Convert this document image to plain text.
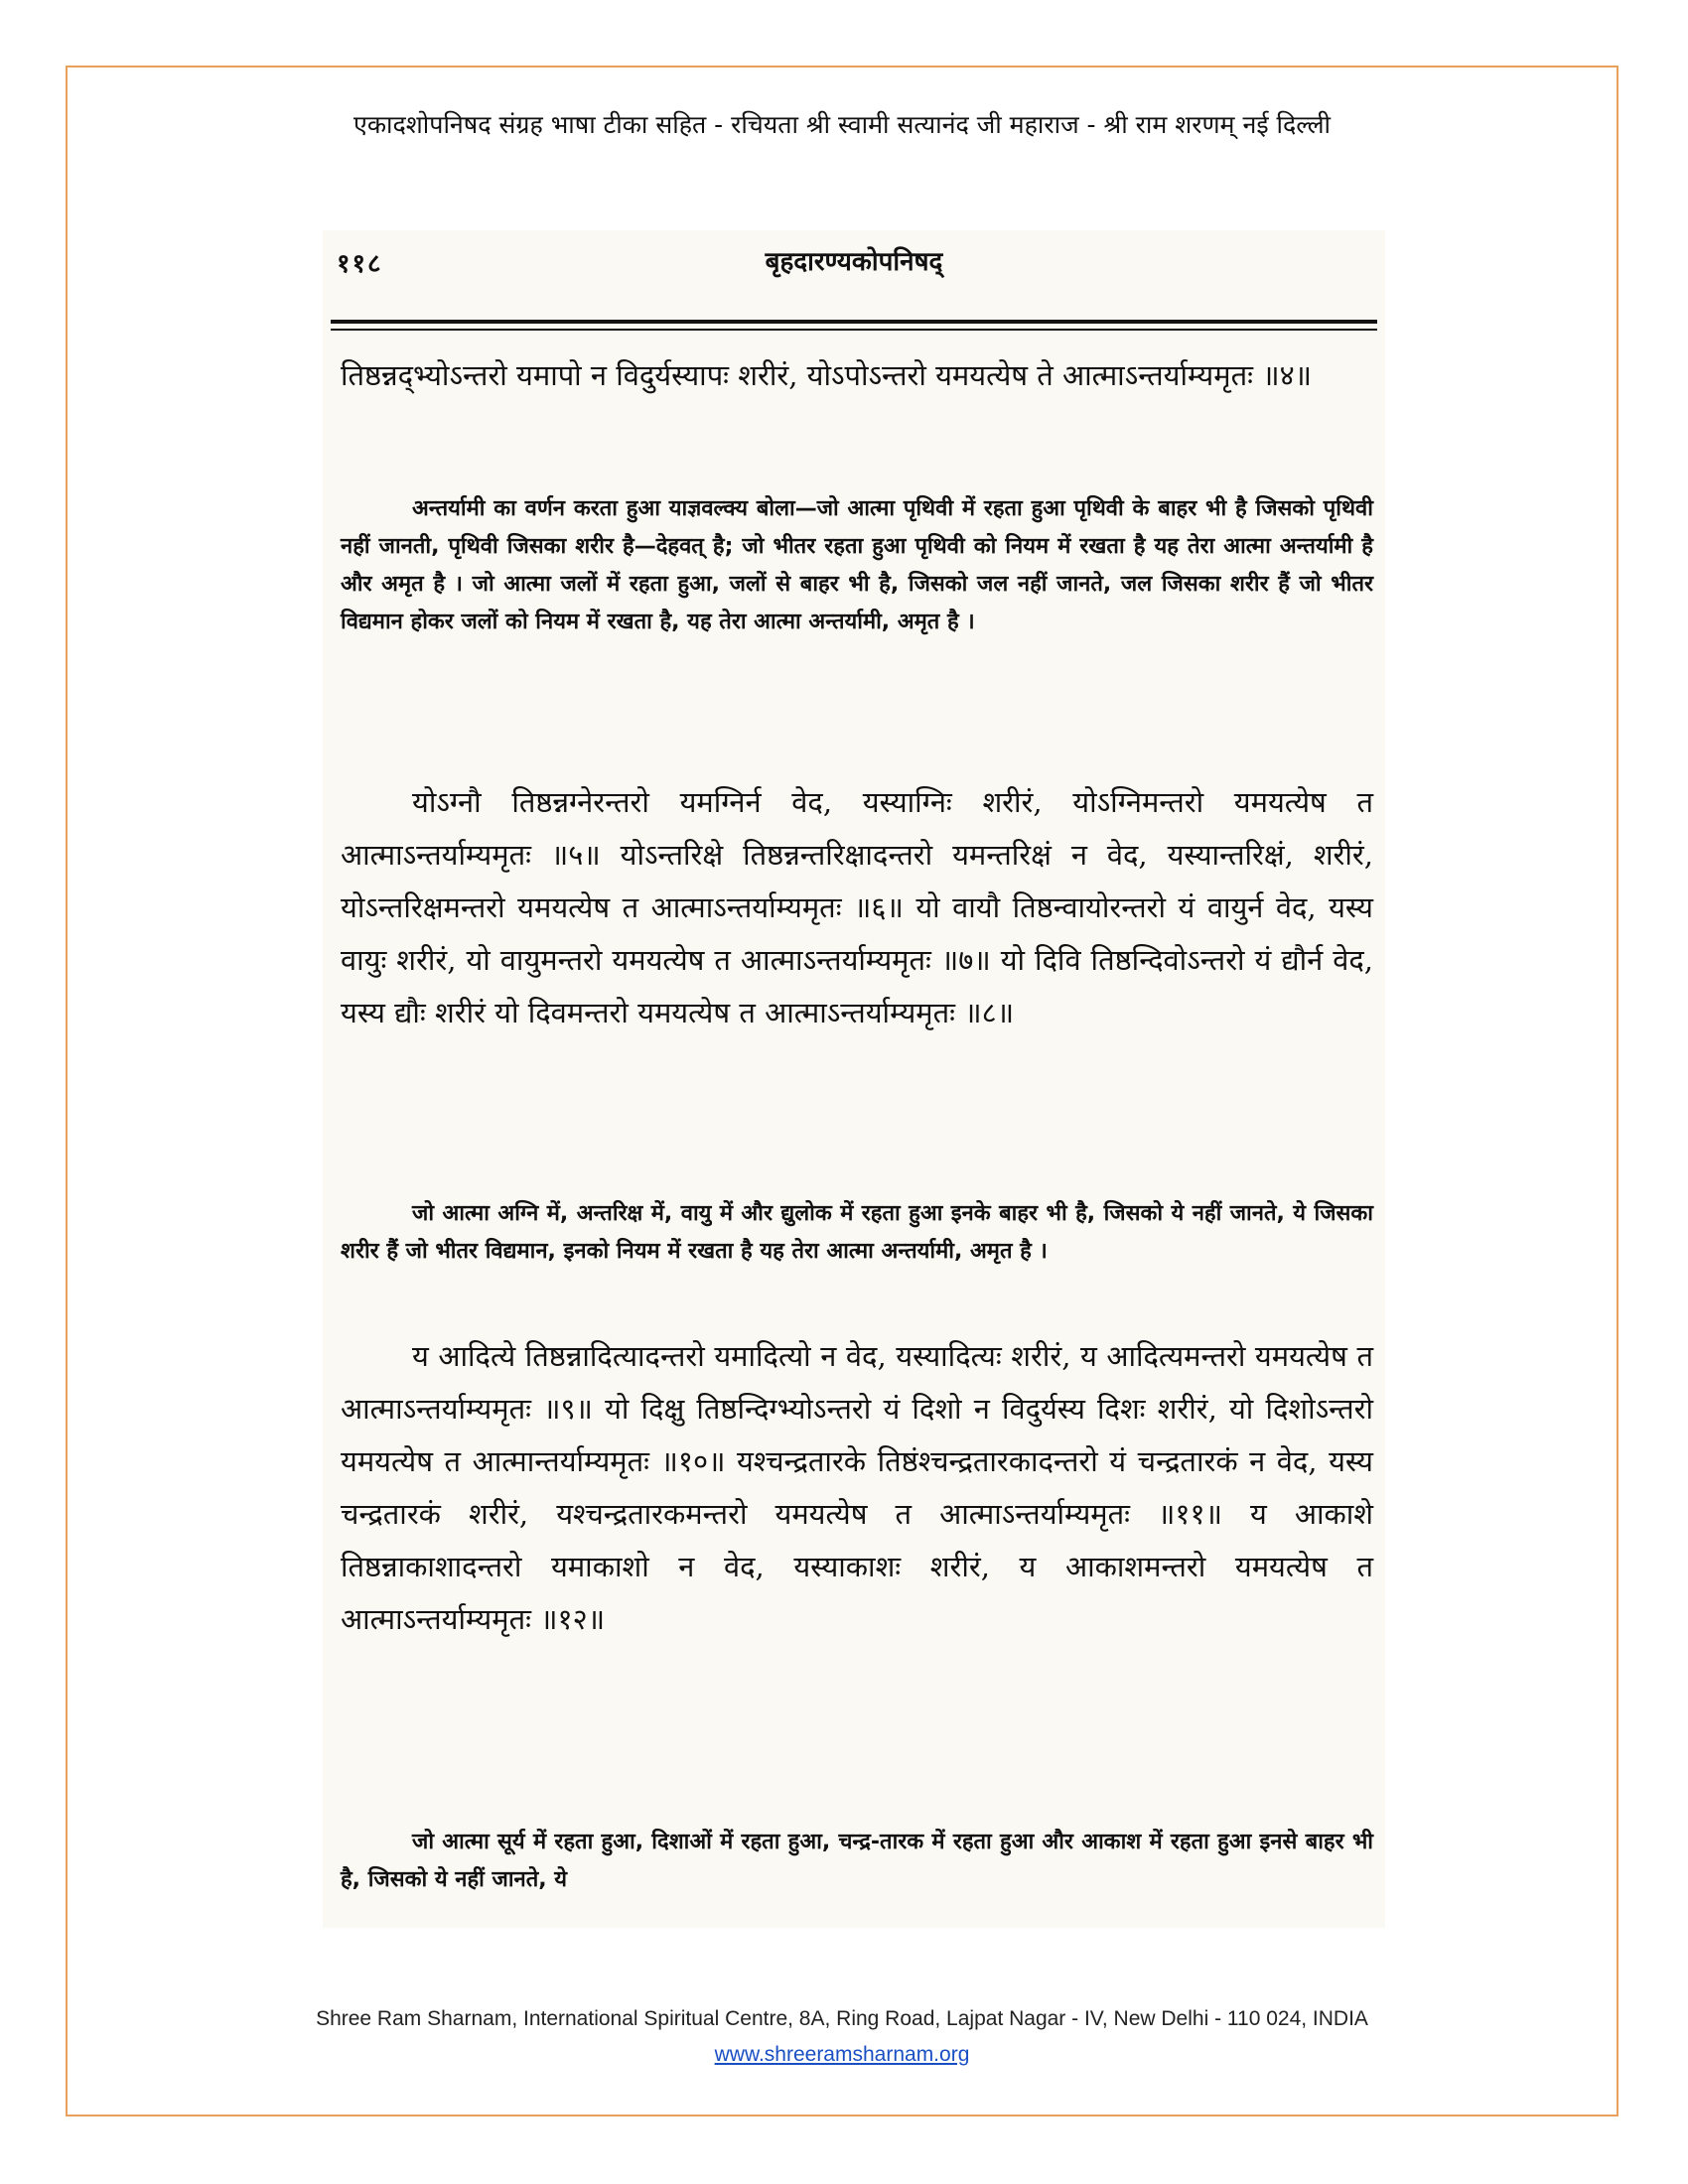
एकादशोपनिषद संग्रह भाषा टीका सहित - रचियता श्री स्वामी सत्यानंद जी महाराज - श्री राम शरणम् नई दिल्ली
११८	बृहदारण्यकोपनिषद्
तिष्ठन्नद्भ्योऽन्तरो यमापो न विदुर्यस्यापः शरीरं, योऽपोऽन्तरो यमयत्येष ते आत्माऽन्तर्याम्यमृतः ॥४॥
अन्तर्यामी का वर्णन करता हुआ याज्ञवल्क्य बोला—जो आत्मा पृथिवी में रहता हुआ पृथिवी के बाहर भी है जिसको पृथिवी नहीं जानती, पृथिवी जिसका शरीर है—देहवत् है; जो भीतर रहता हुआ पृथिवी को नियम में रखता है यह तेरा आत्मा अन्तर्यामी है और अमृत है । जो आत्मा जलों में रहता हुआ, जलों से बाहर भी है, जिसको जल नहीं जानते, जल जिसका शरीर हैं जो भीतर विद्यमान होकर जलों को नियम में रखता है, यह तेरा आत्मा अन्तर्यामी, अमृत है ।
योऽग्नौ तिष्ठन्नग्नेरन्तरो यमग्निर्न वेद, यस्याग्निः शरीरं, योऽग्निमन्तरो यमयत्येष त आत्माऽन्तर्याम्यमृतः ॥५॥ योऽन्तरिक्षे तिष्ठन्नन्तरिक्षादन्तरो यमन्तरिक्षं न वेद, यस्यान्तरिक्षं, शरीरं, योऽन्तरिक्षमन्तरो यमयत्येष त आत्माऽन्तर्याम्यमृतः ॥६॥ यो वायौ तिष्ठन्वायोरन्तरो यं वायुर्न वेद, यस्य वायुः शरीरं, यो वायुमन्तरो यमयत्येष त आत्माऽन्तर्याम्यमृतः ॥७॥ यो दिवि तिष्ठन्दिवोऽन्तरो यं द्यौर्न वेद, यस्य द्यौः शरीरं यो दिवमन्तरो यमयत्येष त आत्माऽन्तर्याम्यमृतः ॥८॥
जो आत्मा अग्नि में, अन्तरिक्ष में, वायु में और द्युलोक में रहता हुआ इनके बाहर भी है, जिसको ये नहीं जानते, ये जिसका शरीर हैं जो भीतर विद्यमान, इनको नियम में रखता है यह तेरा आत्मा अन्तर्यामी, अमृत है ।
य आदित्ये तिष्ठन्नादित्यादन्तरो यमादित्यो न वेद, यस्यादित्यः शरीरं, य आदित्यमन्तरो यमयत्येष त आत्माऽन्तर्याम्यमृतः ॥९॥ यो दिक्षु तिष्ठन्दिग्भ्योऽन्तरो यं दिशो न विदुर्यस्य दिशः शरीरं, यो दिशोऽन्तरो यमयत्येष त आत्मान्तर्याम्यमृतः ॥१०॥ यश्चन्द्रतारके तिष्ठंश्चन्द्रतारकादन्तरो यं चन्द्रतारकं न वेद, यस्य चन्द्रतारकं शरीरं, यश्चन्द्रतारकमन्तरो यमयत्येष त आत्माऽन्तर्याम्यमृतः ॥११॥ य आकाशे तिष्ठन्नाकाशादन्तरो यमाकाशो न वेद, यस्याकाशः शरीरं, य आकाशमन्तरो यमयत्येष त आत्माऽन्तर्याम्यमृतः ॥१२॥
जो आत्मा सूर्य में रहता हुआ, दिशाओं में रहता हुआ, चन्द्र-तारक में रहता हुआ और आकाश में रहता हुआ इनसे बाहर भी है, जिसको ये नहीं जानते, ये
Shree Ram Sharnam, International Spiritual Centre, 8A, Ring Road, Lajpat Nagar - IV, New Delhi - 110 024, INDIA
www.shreeramsharnam.org
